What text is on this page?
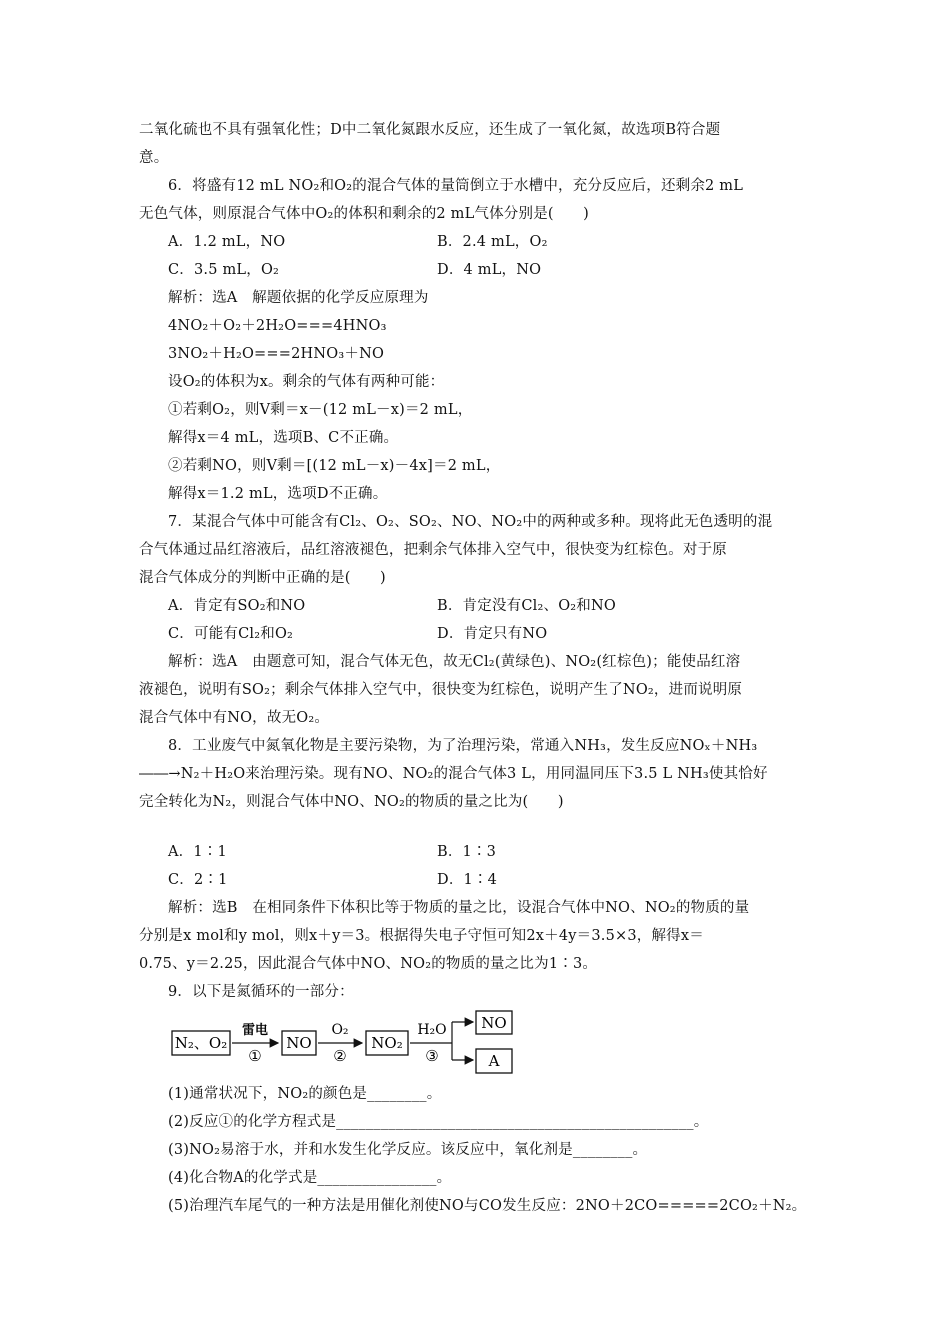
二氧化硫也不具有强氧化性；D中二氧化氮跟水反应，还生成了一氧化氮，故选项B符合题
意。
6．将盛有12 mL NO₂和O₂的混合气体的量筒倒立于水槽中，充分反应后，还剩余2 mL
无色气体，则原混合气体中O₂的体积和剩余的2 mL气体分别是(　　)
A．1.2 mL，NO	B．2.4 mL，O₂
C．3.5 mL，O₂	D．4 mL，NO
解析：选A　解题依据的化学反应原理为
4NO₂＋O₂＋2H₂O===4HNO₃
3NO₂＋H₂O===2HNO₃＋NO
设O₂的体积为x。剩余的气体有两种可能：
①若剩O₂，则V剩＝x－(12 mL－x)＝2 mL，
解得x＝4 mL，选项B、C不正确。
②若剩NO，则V剩＝[(12 mL－x)－4x]＝2 mL，
解得x＝1.2 mL，选项D不正确。
7．某混合气体中可能含有Cl₂、O₂、SO₂、NO、NO₂中的两种或多种。现将此无色透明的混
合气体通过品红溶液后，品红溶液褪色，把剩余气体排入空气中，很快变为红棕色。对于原
混合气体成分的判断中正确的是(　　)
A．肯定有SO₂和NO	B．肯定没有Cl₂、O₂和NO
C．可能有Cl₂和O₂	D．肯定只有NO
解析：选A　由题意可知，混合气体无色，故无Cl₂(黄绿色)、NO₂(红棕色)；能使品红溶
液褪色，说明有SO₂；剩余气体排入空气中，很快变为红棕色，说明产生了NO₂，进而说明原
混合气体中有NO，故无O₂。
8．工业废气中氮氧化物是主要污染物，为了治理污染，常通入NH₃，发生反应NOₓ＋NH₃
――→N₂＋H₂O来治理污染。现有NO、NO₂的混合气体3 L，用同温同压下3.5 L NH₃使其恰好
完全转化为N₂，则混合气体中NO、NO₂的物质的量之比为(　　)
A．1∶1	B．1∶3
C．2∶1	D．1∶4
解析：选B　在相同条件下体积比等于物质的量之比，设混合气体中NO、NO₂的物质的量
分别是x mol和y mol，则x＋y＝3。根据得失电子守恒可知2x＋4y＝3.5×3，解得x＝
0.75、y＝2.25，因此混合气体中NO、NO₂的物质的量之比为1∶3。
9．以下是氮循环的一部分：
N₂、O₂
雷电
①
NO
O₂
②
NO₂
H₂O
③
NO
A
(1)通常状况下，NO₂的颜色是________。
(2)反应①的化学方程式是________________________________________________。
(3)NO₂易溶于水，并和水发生化学反应。该反应中，氧化剂是________。
(4)化合物A的化学式是________________。
(5)治理汽车尾气的一种方法是用催化剂使NO与CO发生反应：2NO＋2CO=====2CO₂＋N₂。
